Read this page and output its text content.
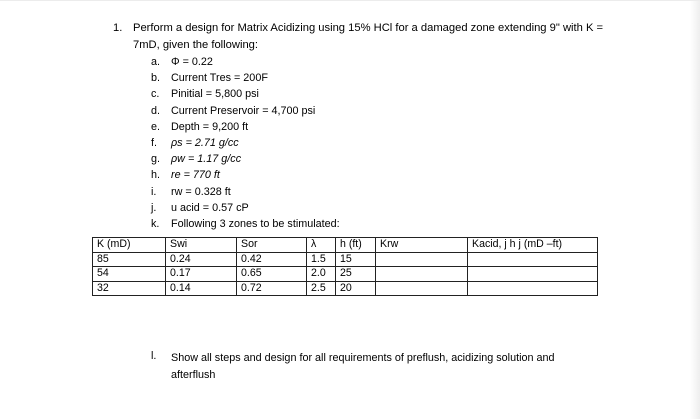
1. Perform a design for Matrix Acidizing using 15% HCl for a damaged zone extending 9" with K =
7mD, given the following:
a.	Φ = 0.22
b.	Current Tres = 200F
c.	Pinitial = 5,800 psi
d.	Current Preservoir = 4,700 psi
e.	Depth = 9,200 ft
f.	ρs = 2.71 g/cc
g.	ρw = 1.17 g/cc
h.	re = 770 ft
i.	rw = 0.328 ft
j.	u acid = 0.57 cP
k.	Following 3 zones to be stimulated:
K (mD)	Swi	Sor	λ	h (ft)	Krw	Kacid, j h j (mD –ft)
85	0.24	0.42	1.5	15		
54	0.17	0.65	2.0	25		
32	0.14	0.72	2.5	20		
l. Show all steps and design for all requirements of preflush, acidizing solution and
afterflush
